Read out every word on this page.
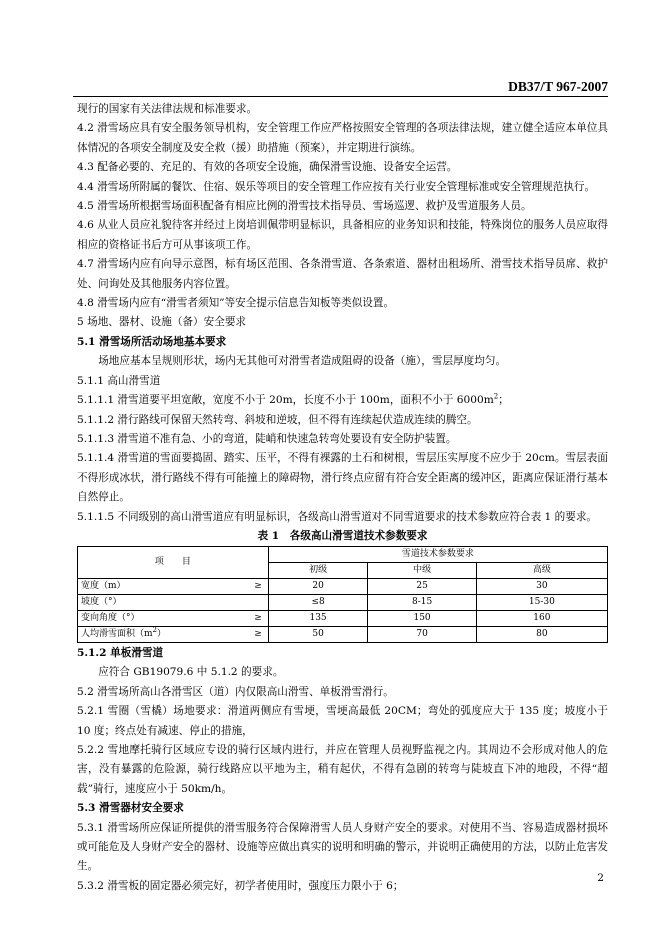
DB37/T 967-2007

现行的国家有关法律法规和标准要求。

4.2 滑雪场应具有安全服务领导机构，安全管理工作应严格按照安全管理的各项法律法规，建立健全适应本单位具体情况的各项安全制度及安全救（援）助措施（预案），并定期进行演练。

4.3 配备必要的、充足的、有效的各项安全设施，确保滑雪设施、设备安全运营。

4.4 滑雪场所附属的餐饮、住宿、娱乐等项目的安全管理工作应按有关行业安全管理标准或安全管理规范执行。

4.5 滑雪场所根据雪场面积配备有相应比例的滑雪技术指导员、雪场巡逻、救护及雪道服务人员。

4.6 从业人员应礼貌待客并经过上岗培训佩带明显标识，具备相应的业务知识和技能，特殊岗位的服务人员应取得相应的资格证书后方可从事该项工作。

4.7 滑雪场内应有向导示意图，标有场区范围、各条滑雪道、各条索道、器材出租场所、滑雪技术指导员席、救护处、问询处及其他服务内容位置。

4.8 滑雪场内应有“滑雪者须知”等安全提示信息告知板等类似设置。

5 场地、器材、设施（备）安全要求

5.1 滑雪场所活动场地基本要求

场地应基本呈规则形状，场内无其他可对滑雪者造成阻碍的设备（施），雪层厚度均匀。

5.1.1 高山滑雪道

5.1.1.1 滑雪道要平坦宽敞，宽度不小于 20m，长度不小于 100m，面积不小于 $6000m^2$；

5.1.1.2 滑行路线可保留天然转弯、斜坡和逆坡，但不得有连续起伏造成连续的腾空。

5.1.1.3 滑雪道不准有急、小的弯道，陡峭和快速急转弯处要设有安全防护装置。

5.1.1.4 滑雪道的雪面要捣固、踏实、压平，不得有裸露的土石和树根，雪层压实厚度不应少于 20cm。雪层表面不得形成冰状，滑行路线不得有可能撞上的障碍物，滑行终点应留有符合安全距离的缓冲区，距离应保证滑行基本自然停止。

5.1.1.5 不同级别的高山滑雪道应有明显标识，各级高山滑雪道对不同雪道要求的技术参数应符合表 1 的要求。

表 1　各级高山滑雪道技术参数要求

项　　目	雪道技术参数要求		
	初级	中级	高级
宽度（m） ≥	20	25	30
坡度（°）	≤8	8-15	15-30
变向角度（°） ≥	135	150	160
人均滑雪面积$(m^2)$ ≥	50	70	80

5.1.2 单板滑雪道

应符合 GB19079.6 中 5.1.2 的要求。

5.2 滑雪场所高山各滑雪区（道）内仅限高山滑雪、单板滑雪滑行。

5.2.1 雪圈（雪橇）场地要求：滑道两侧应有雪埂，雪埂高最低 20CM；弯处的弧度应大于 135 度；坡度小于 10 度；终点处有减速、停止的措施，

5.2.2 雪地摩托骑行区域应专设的骑行区域内进行，并应在管理人员视野监视之内。其周边不会形成对他人的危害，没有暴露的危险源，骑行线路应以平地为主，稍有起伏，不得有急剧的转弯与陡坡直下冲的地段，不得“超载”骑行，速度应小于 50km/h。

5.3 滑雪器材安全要求

5.3.1 滑雪场所应保证所提供的滑雪服务符合保障滑雪人员人身财产安全的要求。对使用不当、容易造成器材损坏或可能危及人身财产安全的器材、设施等应做出真实的说明和明确的警示，并说明正确使用的方法，以防止危害发生。

5.3.2 滑雪板的固定器必须完好，初学者使用时，强度压力限小于 6；

2
